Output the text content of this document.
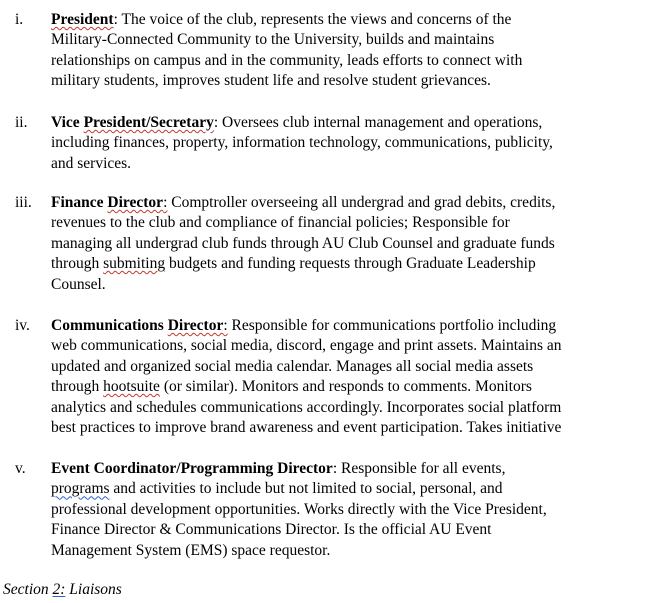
i. President: The voice of the club, represents the views and concerns of the
Military-Connected Community to the University, builds and maintains
relationships on campus and in the community, leads efforts to connect with
military students, improves student life and resolve student grievances.
ii. Vice President/Secretary: Oversees club internal management and operations,
including finances, property, information technology, communications, publicity,
and services.
iii. Finance Director: Comptroller overseeing all undergrad and grad debits, credits,
revenues to the club and compliance of financial policies; Responsible for
managing all undergrad club funds through AU Club Counsel and graduate funds
through submiting budgets and funding requests through Graduate Leadership
Counsel.
iv. Communications Director: Responsible for communications portfolio including
web communications, social media, discord, engage and print assets. Maintains an
updated and organized social media calendar. Manages all social media assets
through hootsuite (or similar). Monitors and responds to comments. Monitors
analytics and schedules communications accordingly. Incorporates social platform
best practices to improve brand awareness and event participation. Takes initiative
v. Event Coordinator/Programming Director: Responsible for all events,
programs and activities to include but not limited to social, personal, and
professional development opportunities. Works directly with the Vice President,
Finance Director & Communications Director. Is the official AU Event
Management System (EMS) space requestor.
Section 2: Liaisons
